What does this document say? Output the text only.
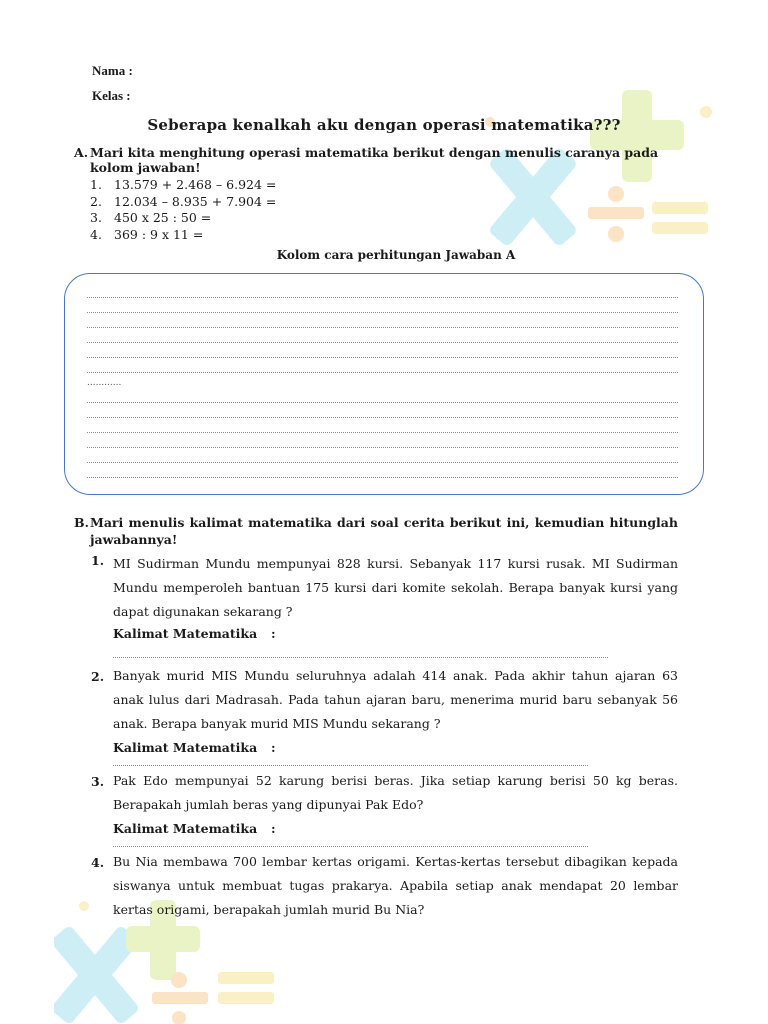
Nama :
Kelas :
Seberapa kenalkah aku dengan operasi matematika???
A. Mari kita menghitung operasi matematika berikut dengan menulis caranya pada kolom jawaban!
1. 13.579 + 2.468 – 6.924 =
2. 12.034 – 8.935 + 7.904 =
3. 450 x 25 : 50 =
4. 369 : 9 x 11 =
Kolom cara perhitungan Jawaban A
............
B. Mari menulis kalimat matematika dari soal cerita berikut ini, kemudian hitunglah jawabannya!
1. MI Sudirman Mundu mempunyai 828 kursi. Sebanyak 117 kursi rusak. MI Sudirman Mundu memperoleh bantuan 175 kursi dari komite sekolah. Berapa banyak kursi yang dapat digunakan sekarang ?
Kalimat Matematika :
2. Banyak murid MIS Mundu seluruhnya adalah 414 anak. Pada akhir tahun ajaran 63 anak lulus dari Madrasah. Pada tahun ajaran baru, menerima murid baru sebanyak 56 anak. Berapa banyak murid MIS Mundu sekarang ?
Kalimat Matematika :
3. Pak Edo mempunyai 52 karung berisi beras. Jika setiap karung berisi 50 kg beras. Berapakah jumlah beras yang dipunyai Pak Edo?
Kalimat Matematika :
4. Bu Nia membawa 700 lembar kertas origami. Kertas-kertas tersebut dibagikan kepada siswanya untuk membuat tugas prakarya. Apabila setiap anak mendapat 20 lembar kertas origami, berapakah jumlah murid Bu Nia?
